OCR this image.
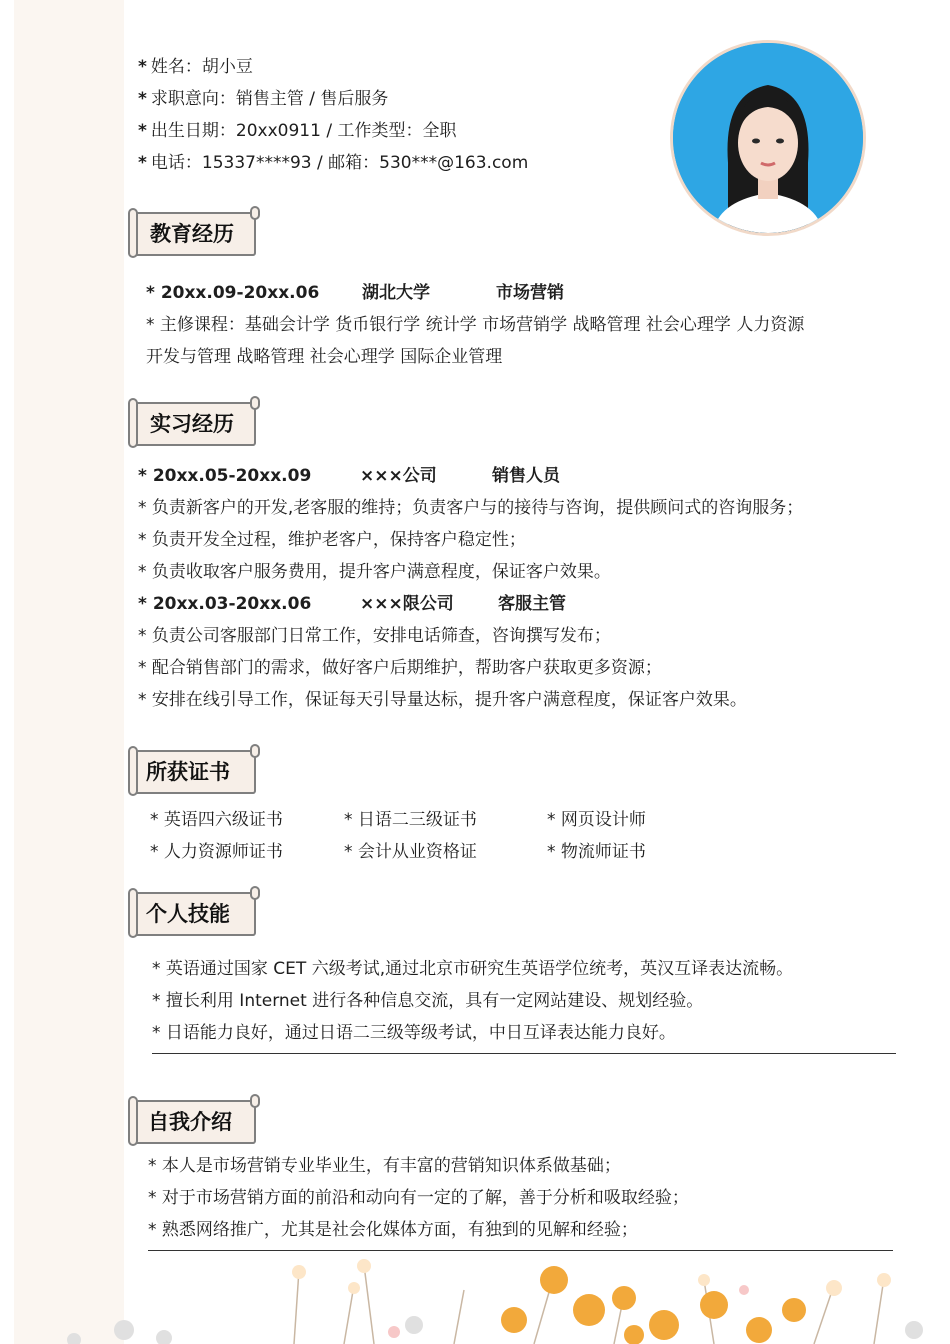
* 姓名：胡小豆
* 求职意向：销售主管 / 售后服务
* 出生日期：20xx0911 / 工作类型：全职
* 电话：15337****93 / 邮箱：530***@163.com
教育经历
* 20xx.09-20xx.06	湖北大学	市场营销
* 主修课程：基础会计学 货币银行学 统计学 市场营销学 战略管理 社会心理学 人力资源
开发与管理 战略管理 社会心理学 国际企业管理
实习经历
* 20xx.05-20xx.09	×××公司	销售人员
* 负责新客户的开发,老客服的维持；负责客户与的接待与咨询，提供顾问式的咨询服务；
* 负责开发全过程，维护老客户，保持客户稳定性；
* 负责收取客户服务费用，提升客户满意程度，保证客户效果。
* 20xx.03-20xx.06	×××限公司	客服主管
* 负责公司客服部门日常工作，安排电话筛查，咨询撰写发布；
* 配合销售部门的需求，做好客户后期维护，帮助客户获取更多资源；
* 安排在线引导工作，保证每天引导量达标，提升客户满意程度，保证客户效果。
所获证书
* 英语四六级证书	* 日语二三级证书	* 网页设计师
* 人力资源师证书	* 会计从业资格证	* 物流师证书
个人技能
* 英语通过国家 CET 六级考试,通过北京市研究生英语学位统考，英汉互译表达流畅。
* 擅长利用 Internet 进行各种信息交流，具有一定网站建设、规划经验。
* 日语能力良好，通过日语二三级等级考试，中日互译表达能力良好。
自我介绍
* 本人是市场营销专业毕业生，有丰富的营销知识体系做基础；
* 对于市场营销方面的前沿和动向有一定的了解，善于分析和吸取经验；
* 熟悉网络推广，尤其是社会化媒体方面，有独到的见解和经验；
